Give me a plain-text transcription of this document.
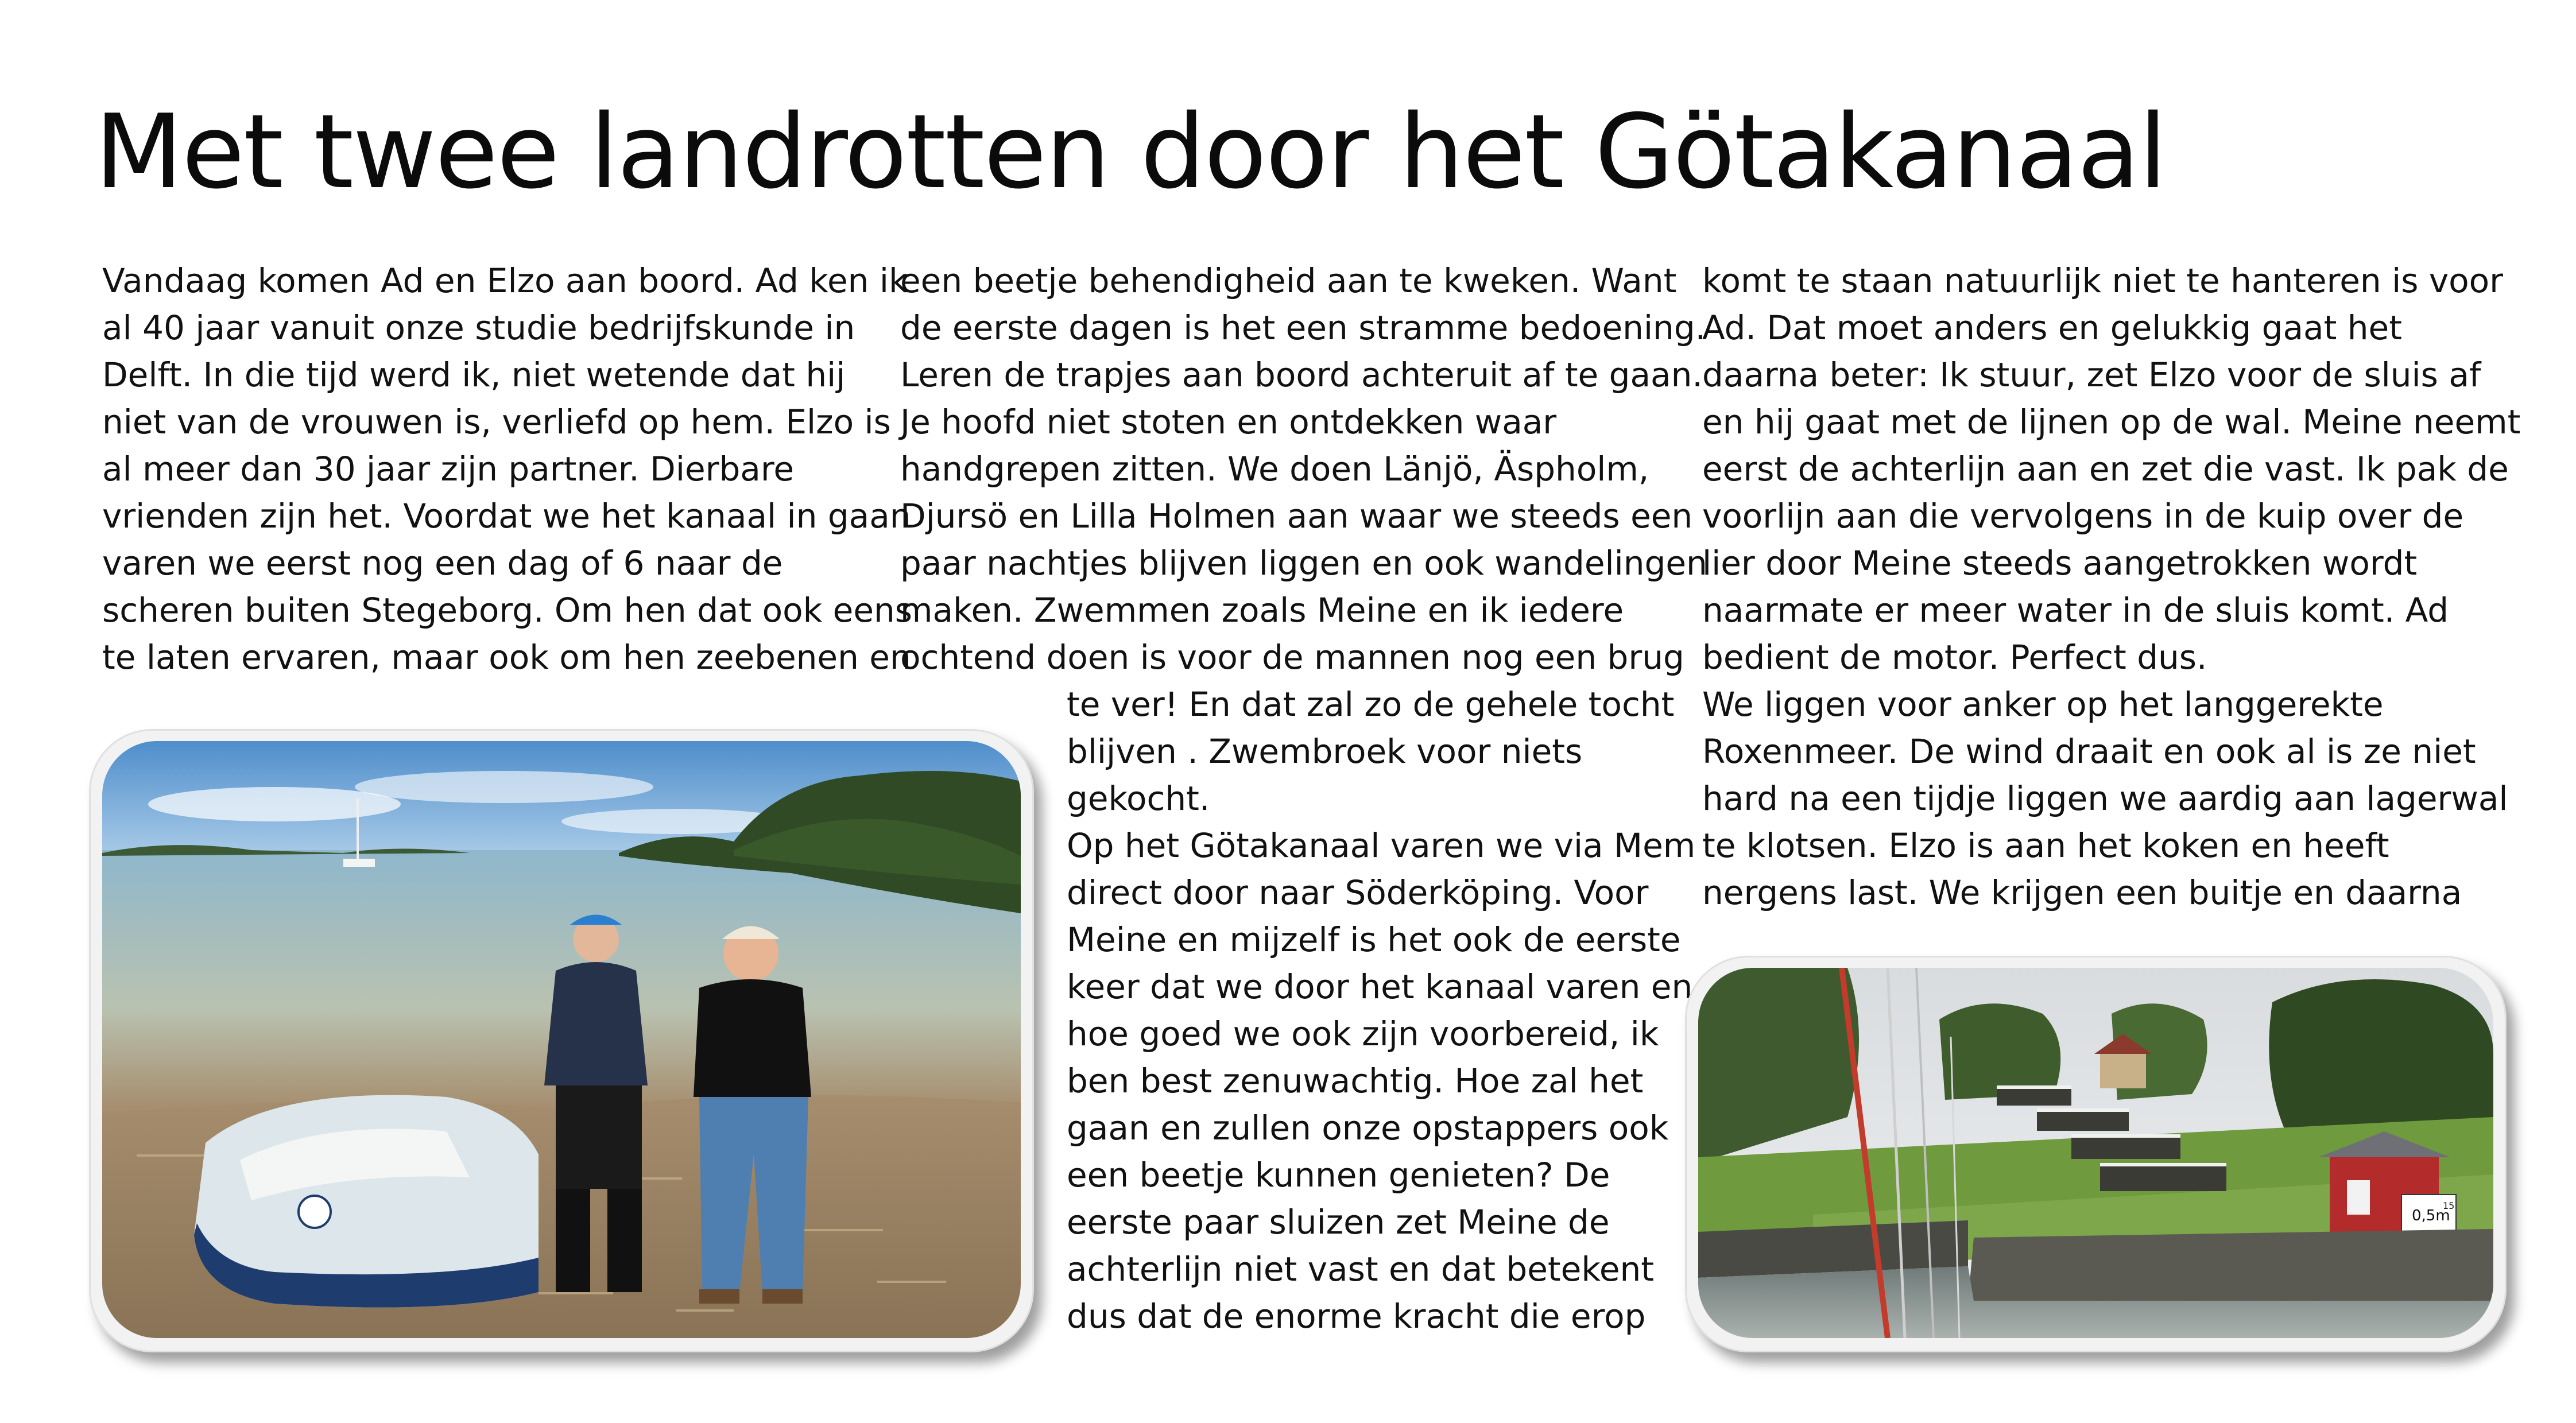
Met twee landrotten door het Götakanaal

Vandaag komen Ad en Elzo aan boord. Ad ken ik

al 40 jaar vanuit onze studie bedrijfskunde in

Delft. In die tijd werd ik, niet wetende dat hij

niet van de vrouwen is, verliefd op hem. Elzo is

al meer dan 30 jaar zijn partner. Dierbare

vrienden zijn het. Voordat we het kanaal in gaan

varen we eerst nog een dag of 6 naar de

scheren buiten Stegeborg. Om hen dat ook eens

te laten ervaren, maar ook om hen zeebenen en

een beetje behendigheid aan te kweken. Want

de eerste dagen is het een stramme bedoening.

Leren de trapjes aan boord achteruit af te gaan.

Je hoofd niet stoten en ontdekken waar

handgrepen zitten. We doen Länjö, Äspholm,

Djursö en Lilla Holmen aan waar we steeds een

paar nachtjes blijven liggen en ook wandelingen

maken. Zwemmen zoals Meine en ik iedere

ochtend doen is voor de mannen nog een brug

te ver! En dat zal zo de gehele tocht

blijven . Zwembroek voor niets

gekocht.

Op het Götakanaal varen we via Mem

direct door naar Söderköping. Voor

Meine en mijzelf is het ook de eerste

keer dat we door het kanaal varen en

hoe goed we ook zijn voorbereid, ik

ben best zenuwachtig. Hoe zal het

gaan en zullen onze opstappers ook

een beetje kunnen genieten? De

eerste paar sluizen zet Meine de

achterlijn niet vast en dat betekent

dus dat de enorme kracht die erop

komt te staan natuurlijk niet te hanteren is voor

Ad. Dat moet anders en gelukkig gaat het

daarna beter: Ik stuur, zet Elzo voor de sluis af

en hij gaat met de lijnen op de wal. Meine neemt

eerst de achterlijn aan en zet die vast. Ik pak de

voorlijn aan die vervolgens in de kuip over de

lier door Meine steeds aangetrokken wordt

naarmate er meer water in de sluis komt. Ad

bedient de motor. Perfect dus.

We liggen voor anker op het langgerekte

Roxenmeer. De wind draait en ook al is ze niet

hard na een tijdje liggen we aardig aan lagerwal

te klotsen. Elzo is aan het koken en heeft

nergens last. We krijgen een buitje en daarna

0,5m
15
